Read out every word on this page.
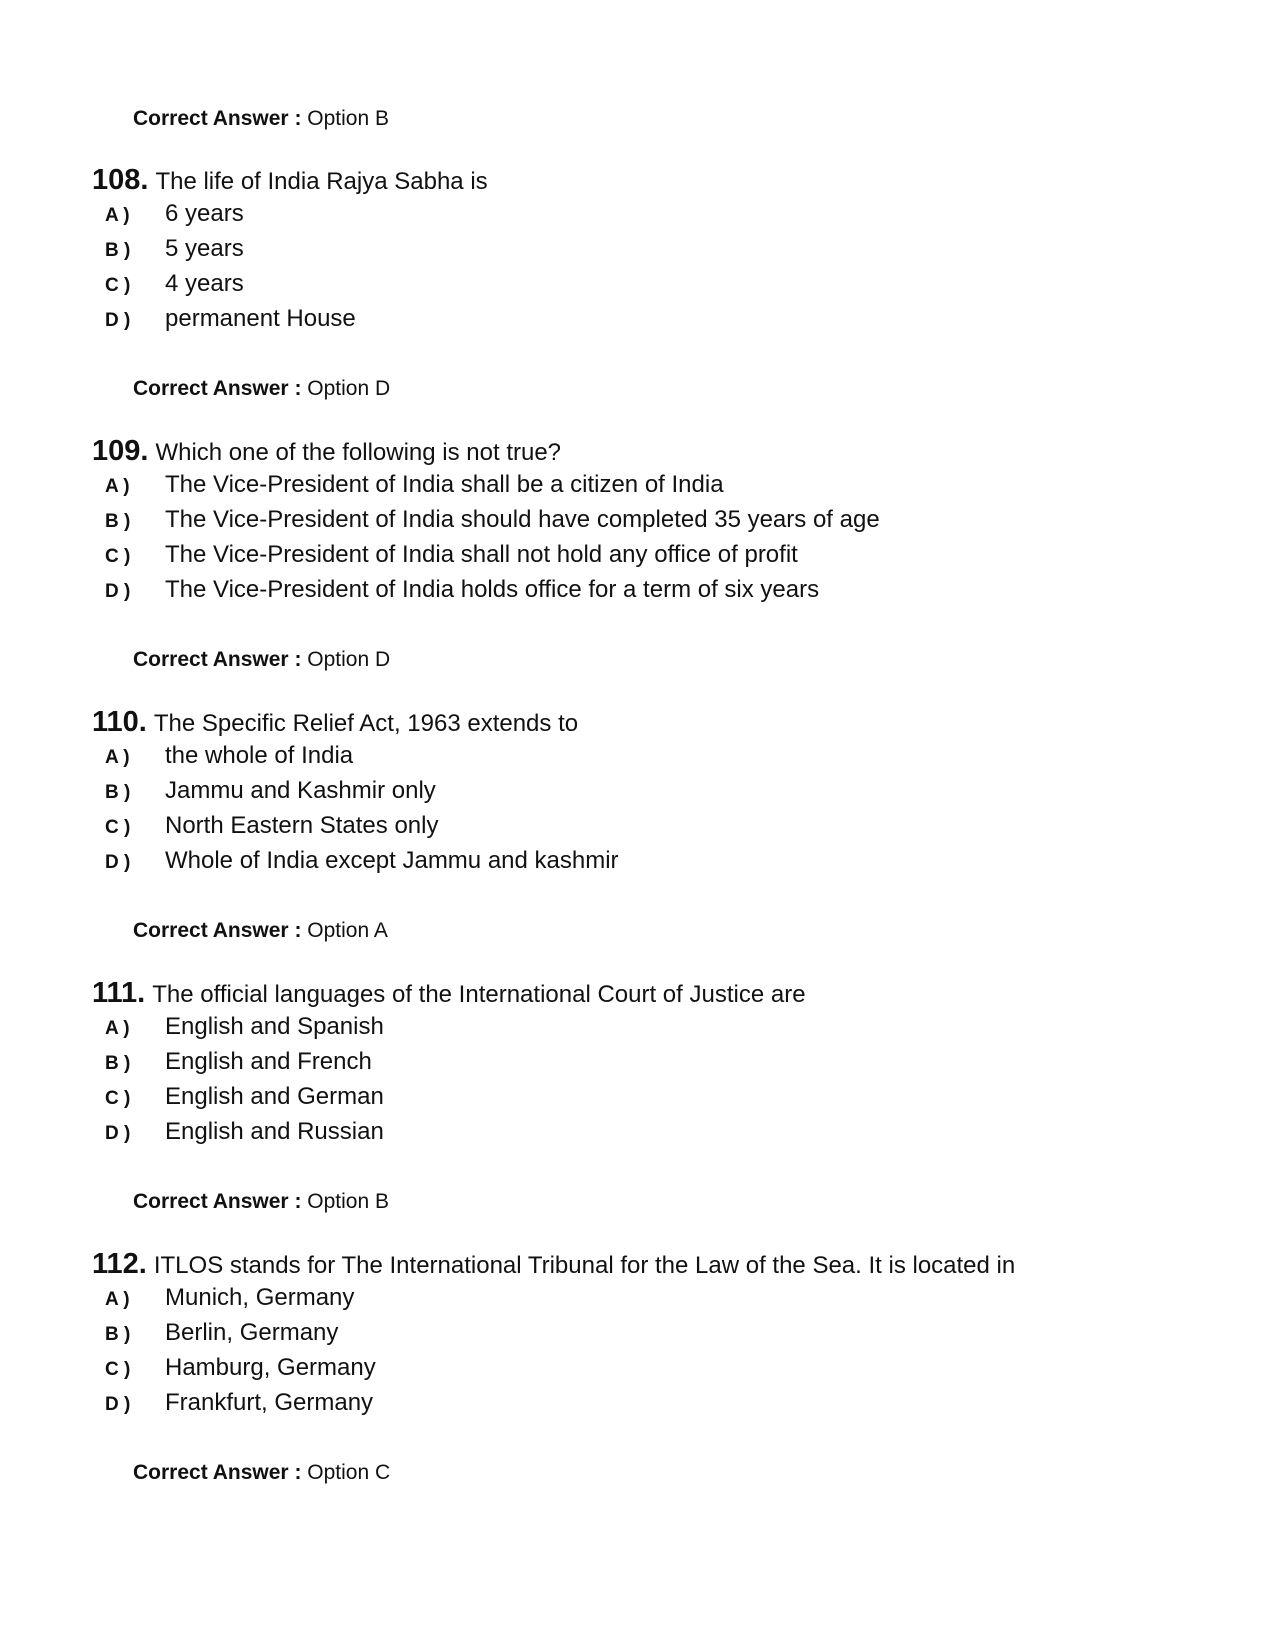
Correct Answer : Option B
108. The life of India Rajya Sabha is
A )	6 years
B )	5 years
C )	4 years
D )	permanent House
Correct Answer : Option D
109. Which one of the following is not true?
A )	The Vice-President of India shall be a citizen of India
B )	The Vice-President of India should have completed 35 years of age
C )	The Vice-President of India shall not hold any office of profit
D )	The Vice-President of India holds office for a term of six years
Correct Answer : Option D
110. The Specific Relief Act, 1963 extends to
A )	the whole of India
B )	Jammu and Kashmir only
C )	North Eastern States only
D )	Whole of India except Jammu and kashmir
Correct Answer : Option A
111. The official languages of the International Court of Justice are
A )	English and Spanish
B )	English and French
C )	English and German
D )	English and Russian
Correct Answer : Option B
112. ITLOS stands for The International Tribunal for the Law of the Sea. It is located in
A )	Munich, Germany
B )	Berlin, Germany
C )	Hamburg, Germany
D )	Frankfurt, Germany
Correct Answer : Option C
